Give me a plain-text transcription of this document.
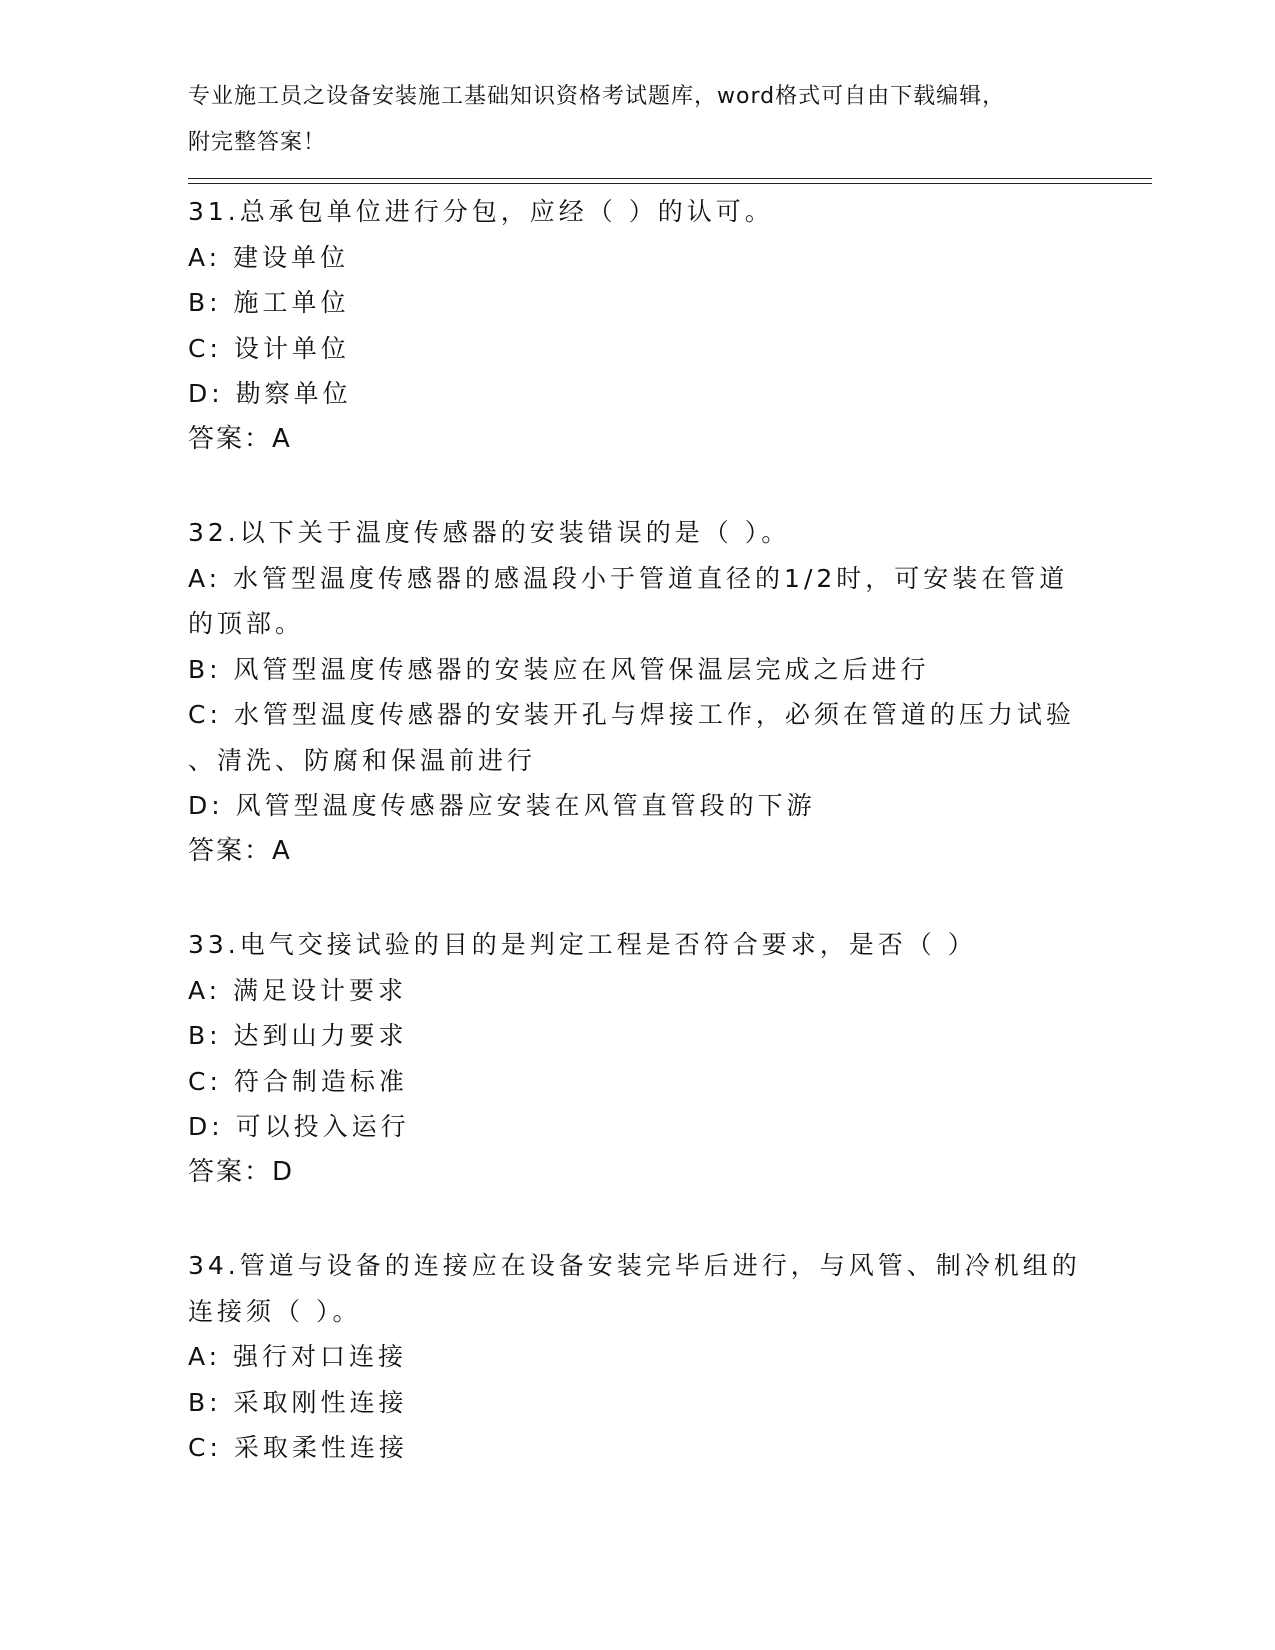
专业施工员之设备安装施工基础知识资格考试题库，word格式可自由下载编辑，
附完整答案！
31.总承包单位进行分包，应经（ ）的认可。
A: 建设单位
B: 施工单位
C: 设计单位
D: 勘察单位
答案：A
32.以下关于温度传感器的安装错误的是（ ）。
A: 水管型温度传感器的感温段小于管道直径的1/2时，可安装在管道
的顶部。
B: 风管型温度传感器的安装应在风管保温层完成之后进行
C: 水管型温度传感器的安装开孔与焊接工作，必须在管道的压力试验
、清洗、防腐和保温前进行
D: 风管型温度传感器应安装在风管直管段的下游
答案：A
33.电气交接试验的目的是判定工程是否符合要求，是否（ ）
A: 满足设计要求
B: 达到山力要求
C: 符合制造标准
D: 可以投入运行
答案：D
34.管道与设备的连接应在设备安装完毕后进行，与风管、制冷机组的
连接须（ ）。
A: 强行对口连接
B: 采取刚性连接
C: 采取柔性连接
